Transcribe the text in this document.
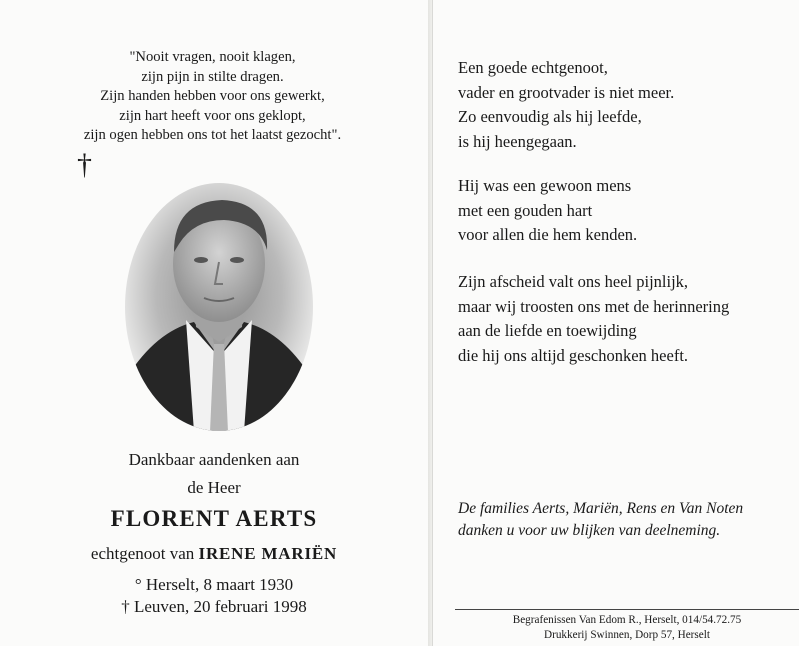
"Nooit vragen, nooit klagen,
zijn pijn in stilte dragen.
Zijn handen hebben voor ons gewerkt,
zijn hart heeft voor ons geklopt,
zijn ogen hebben ons tot het laatst gezocht".
†
Dankbaar aandenken aan
de Heer
FLORENT AERTS
echtgenoot van IRENE MARIËN
° Herselt, 8 maart 1930
† Leuven, 20 februari 1998
Een goede echtgenoot,
vader en grootvader is niet meer.
Zo eenvoudig als hij leefde,
is hij heengegaan.
Hij was een gewoon mens
met een gouden hart
voor allen die hem kenden.
Zijn afscheid valt ons heel pijnlijk,
maar wij troosten ons met de herinnering
aan de liefde en toewijding
die hij ons altijd geschonken heeft.
De families Aerts, Mariën, Rens en Van Noten
danken u voor uw blijken van deelneming.
Begrafenissen Van Edom R., Herselt, 014/54.72.75
Drukkerij Swinnen, Dorp 57, Herselt
